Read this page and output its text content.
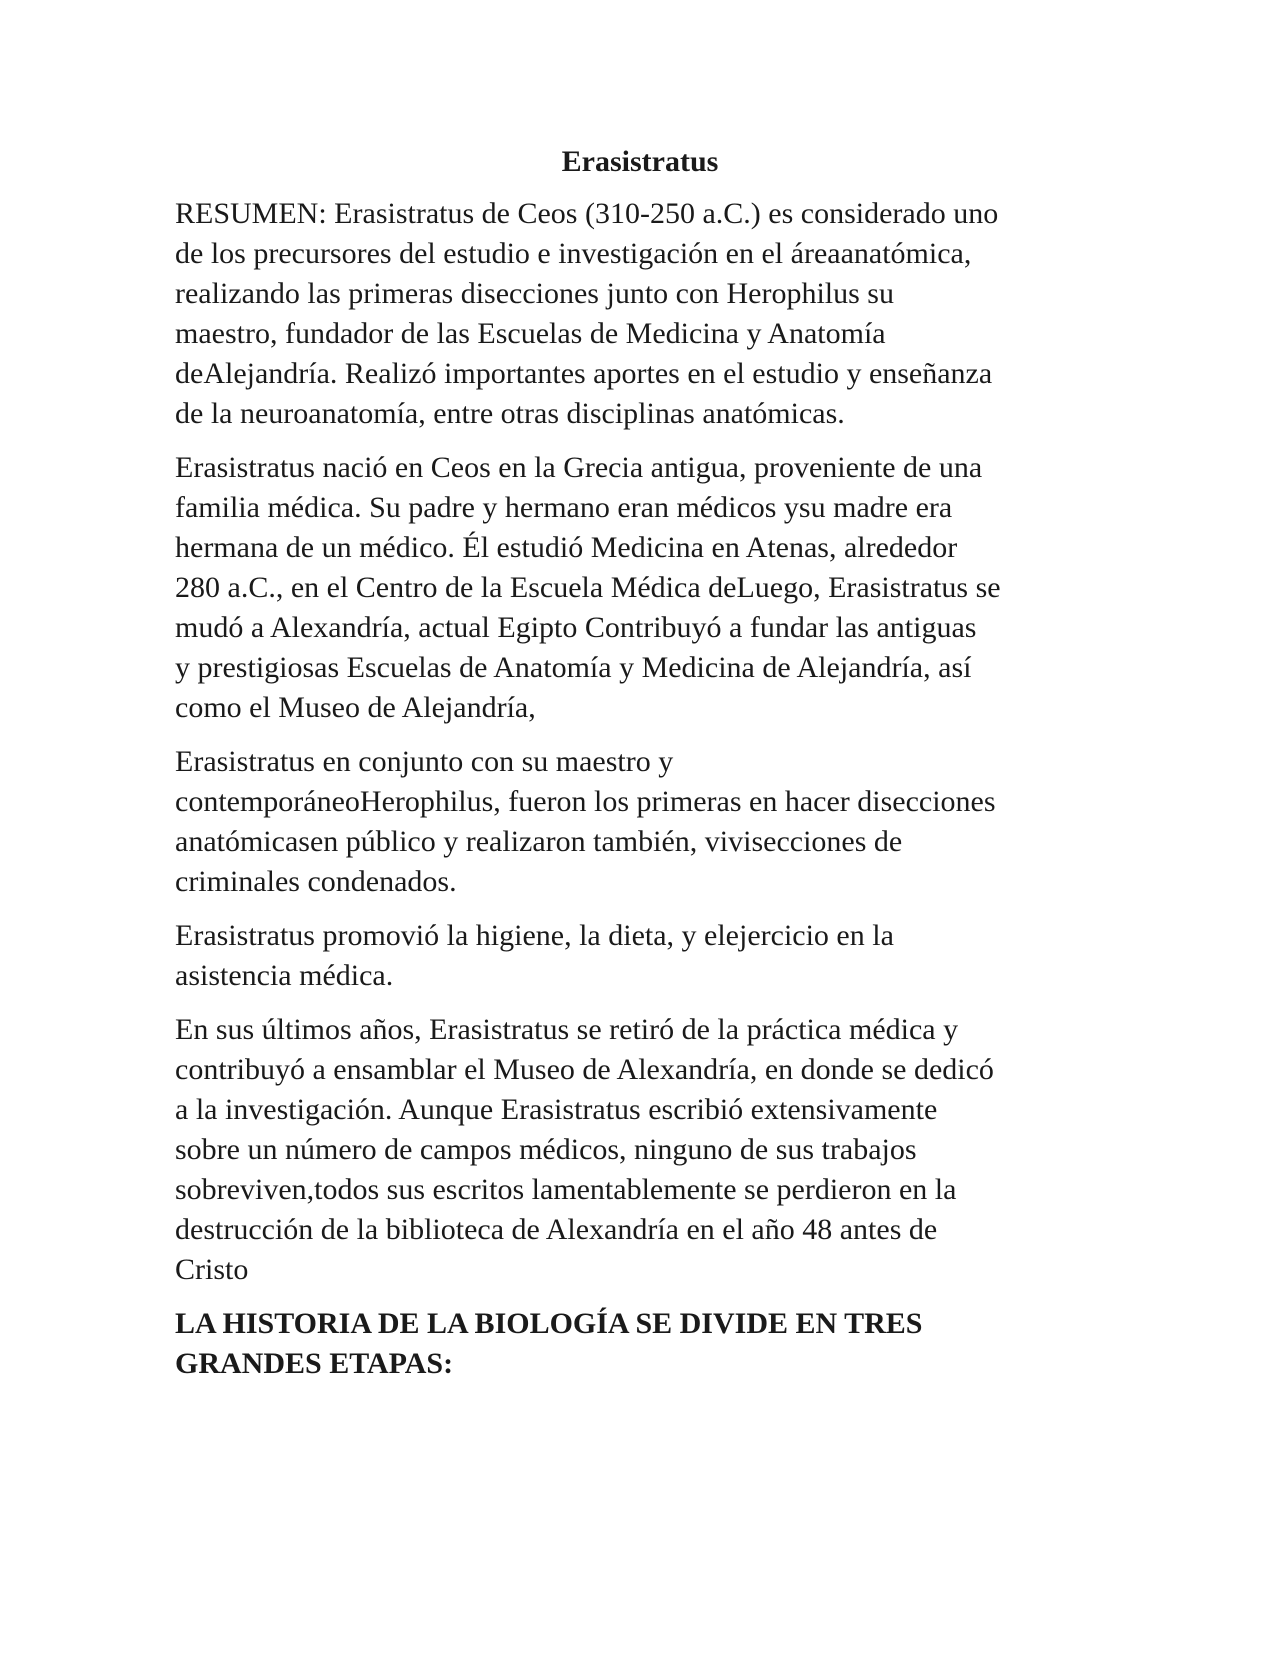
Erasistratus

RESUMEN: Erasistratus de Ceos (310-250 a.C.) es considerado uno
de los precursores del estudio e investigación en el áreaanatómica,
realizando las primeras disecciones junto con Herophilus su
maestro, fundador de las Escuelas de Medicina y Anatomía
deAlejandría. Realizó importantes aportes en el estudio y enseñanza
de la neuroanatomía, entre otras disciplinas anatómicas.

Erasistratus nació en Ceos en la Grecia antigua, proveniente de una
familia médica. Su padre y hermano eran médicos ysu madre era
hermana de un médico. Él estudió Medicina en Atenas, alrededor
280 a.C., en el Centro de la Escuela Médica deLuego, Erasistratus se
mudó a Alexandría, actual Egipto Contribuyó a fundar las antiguas
y prestigiosas Escuelas de Anatomía y Medicina de Alejandría, así
como el Museo de Alejandría,

Erasistratus en conjunto con su maestro y
contemporáneoHerophilus, fueron los primeras en hacer disecciones
anatómicasen público y realizaron también, vivisecciones de
criminales condenados.

Erasistratus promovió la higiene, la dieta, y elejercicio en la
asistencia médica.

En sus últimos años, Erasistratus se retiró de la práctica médica y
contribuyó a ensamblar el Museo de Alexandría, en donde se dedicó
a la investigación. Aunque Erasistratus escribió extensivamente
sobre un número de campos médicos, ninguno de sus trabajos
sobreviven,todos sus escritos lamentablemente se perdieron en la
destrucción de la biblioteca de Alexandría en el año 48 antes de
Cristo

LA HISTORIA DE LA BIOLOGÍA SE DIVIDE EN TRES
GRANDES ETAPAS:
